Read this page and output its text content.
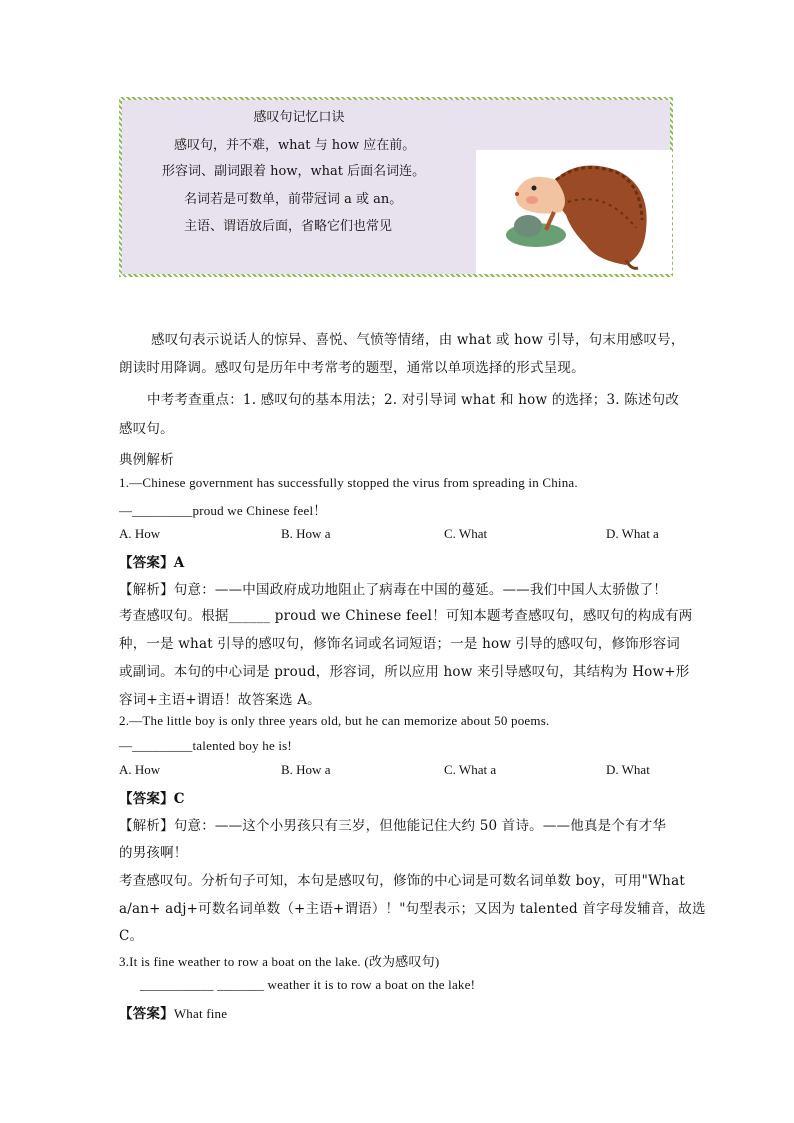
感叹句记忆口诀
感叹句，并不难，what 与 how 应在前。
形容词、副词跟着 how，what 后面名词连。
名词若是可数单，前带冠词 a 或 an。
主语、谓语放后面，省略它们也常见
感叹句表示说话人的惊异、喜悦、气愤等情绪，由 what 或 how 引导，句末用感叹号，
朗读时用降调。感叹句是历年中考常考的题型，通常以单项选择的形式呈现。
中考考查重点：1. 感叹句的基本用法；2. 对引导词 what 和 how 的选择；3. 陈述句改
感叹句。
典例解析
1.—Chinese government has successfully stopped the virus from spreading in China.
—_________proud we Chinese feel！
A. How	B. How a	C. What	D. What a
【答案】A
【解析】句意：——中国政府成功地阻止了病毒在中国的蔓延。——我们中国人太骄傲了！
考查感叹句。根据______ proud we Chinese feel！可知本题考查感叹句，感叹句的构成有两
种，一是 what 引导的感叹句，修饰名词或名词短语；一是 how 引导的感叹句，修饰形容词
或副词。本句的中心词是 proud，形容词，所以应用 how 来引导感叹句，其结构为 How+形
容词+主语+谓语！故答案选 A。
2.—The little boy is only three years old, but he can memorize about 50 poems.
—_________talented boy he is!
A. How	B. How a	C. What a	D. What
【答案】C
【解析】句意：——这个小男孩只有三岁，但他能记住大约 50 首诗。——他真是个有才华
的男孩啊！
考查感叹句。分析句子可知，本句是感叹句，修饰的中心词是可数名词单数 boy，可用"What
a/an+ adj+可数名词单数（+主语+谓语）！"句型表示；又因为 talented 首字母发辅音，故选
C。
3.It is fine weather to row a boat on the lake. (改为感叹句)
___________ _______ weather it is to row a boat on the lake!
【答案】What fine
